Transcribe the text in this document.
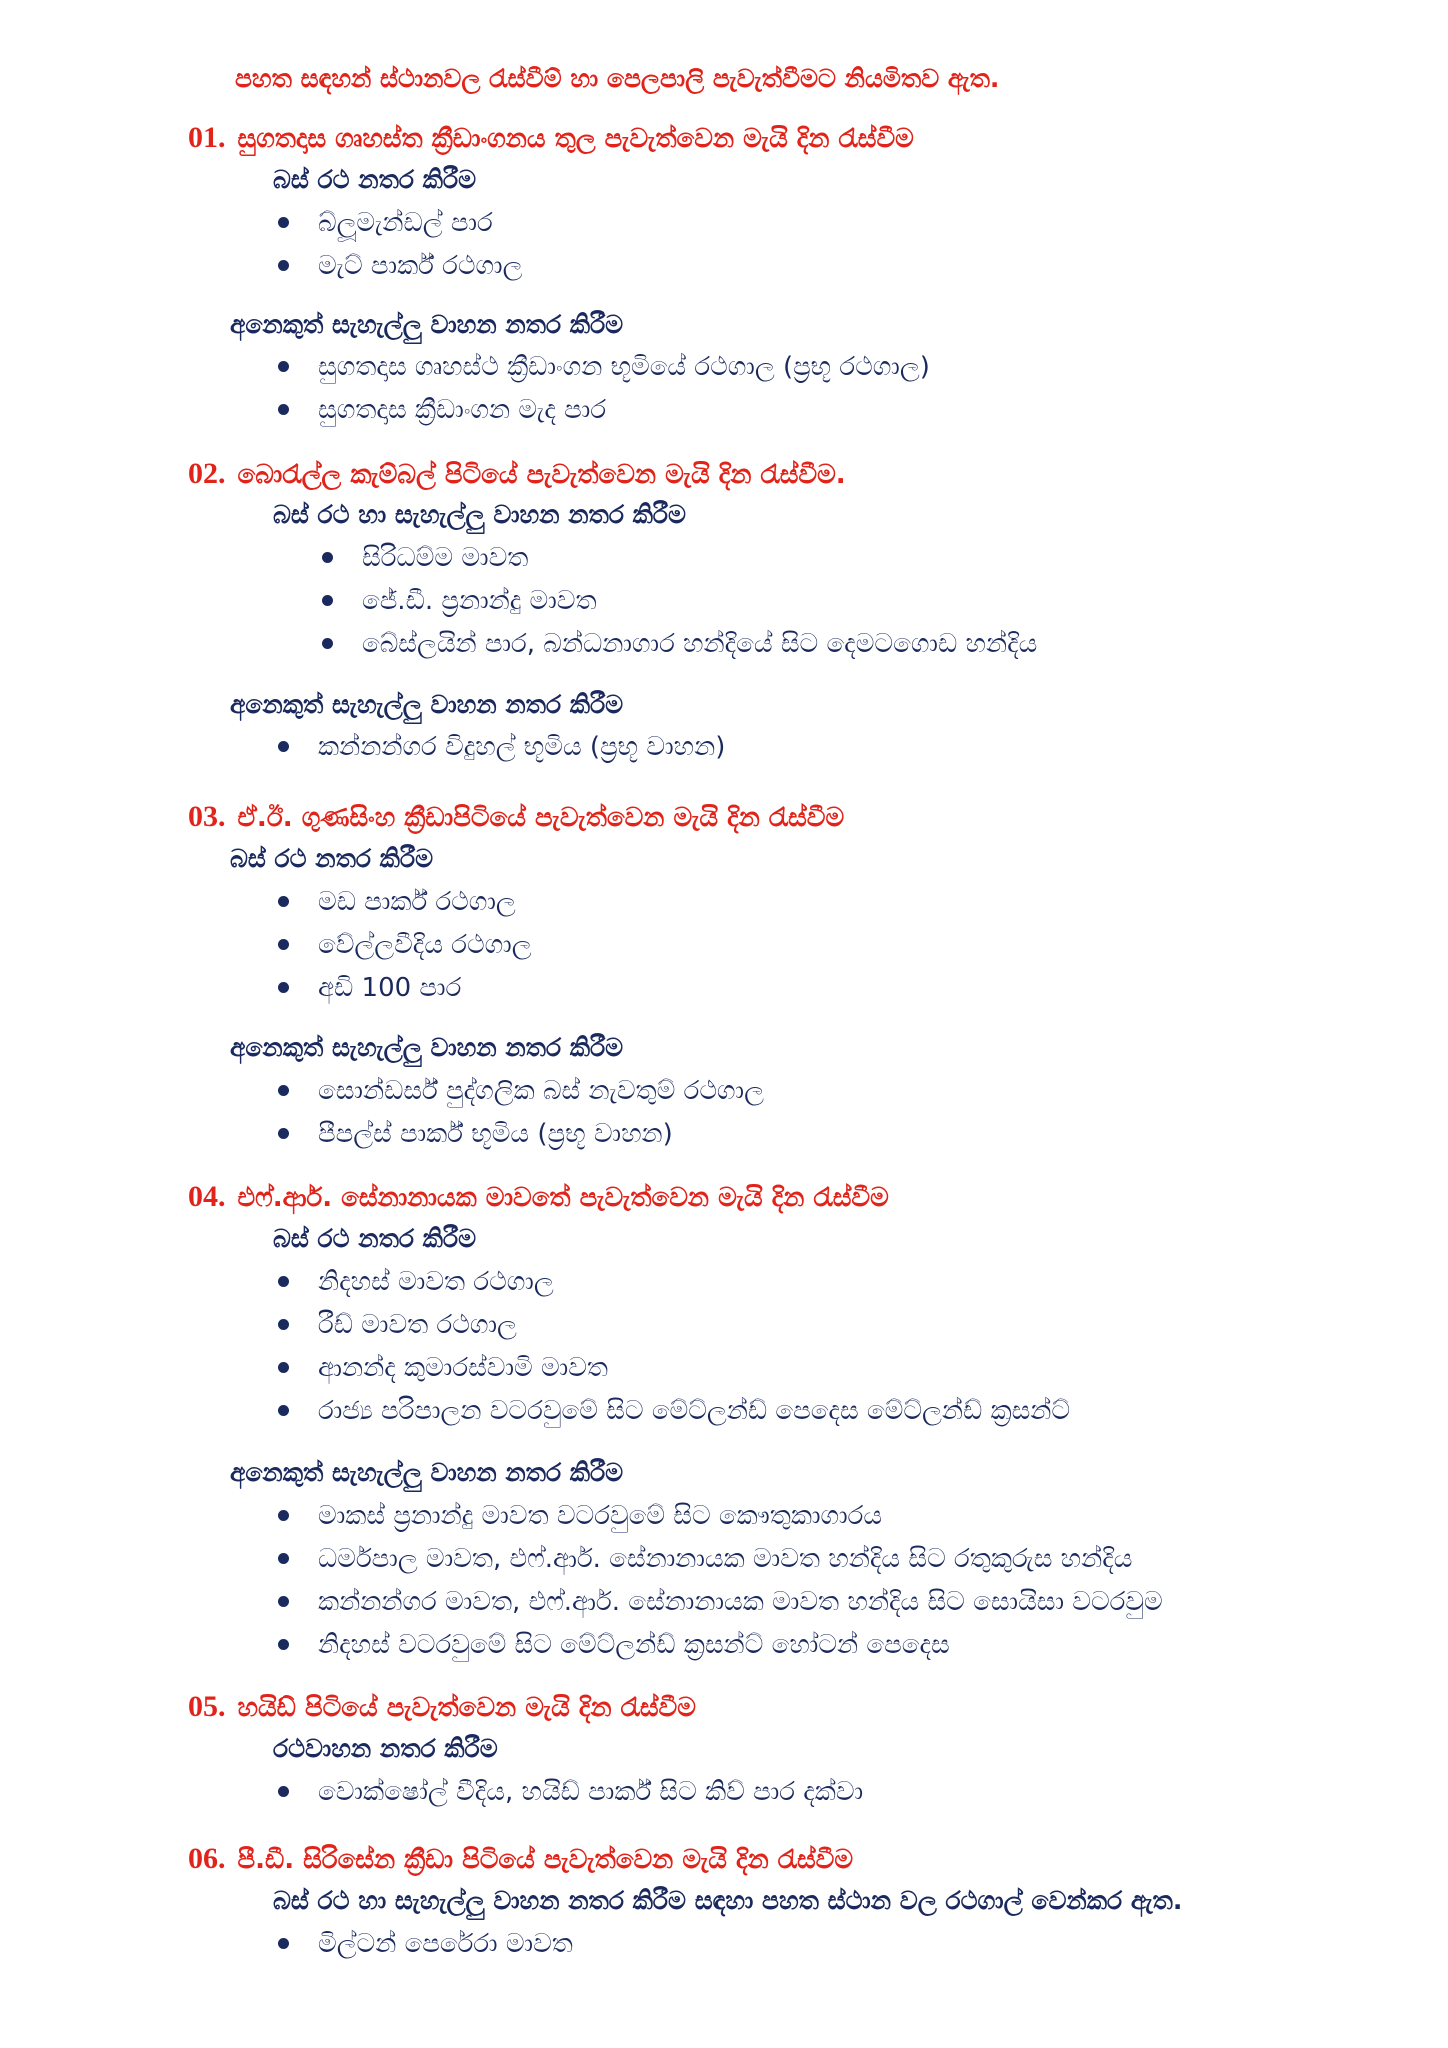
පහත සඳහන් ස්ථානවල රැස්වීම් හා පෙලපාලි පැවැත්වීමට නියමිතව ඇත.
01. සුගතදාස ගෘහස්ත ක්‍රීඩාංගනය තුල පැවැත්වෙන මැයි දින රැස්වීම
බස් රථ නතර කිරීම
බ්ලූමැන්ඩල් පාර
මැට් පාර්ක් රථගාල
අනෙකුත් සැහැල්ලු වාහන නතර කිරීම
සුගතදාස ගෘහස්ථ ක්‍රීඩාංගන භූමියේ රථගාල (ප්‍රභූ රථගාල)
සුගතදාස ක්‍රීඩාංගන මැද පාර
02. බොරැල්ල කැම්බල් පිටියේ පැවැත්වෙන මැයි දින රැස්වීම.
බස් රථ හා සැහැල්ලු වාහන නතර කිරීම
සිරිධම්ම මාවත
ජේ.ඩී. ප්‍රනාන්දු මාවත
බේස්ලයින් පාර, බන්ධනාගාර හන්දියේ සිට දෙමටගොඩ හන්දිය
අනෙකුත් සැහැල්ලු වාහන නතර කිරීම
කන්නන්ගර විදුහල් භූමිය (ප්‍රභූ වාහන)
03. ඒ.ඊ. ගුණසිංහ ක්‍රීඩාපිටියේ පැවැත්වෙන මැයි දින රැස්වීම
බස් රථ නතර කිරීම
මඩ පාර්ක් රථගාල
වේල්ලවීදිය රථගාල
අඩි 100 පාර
අනෙකුත් සැහැල්ලු වාහන නතර කිරීම
සොන්ඩර්ස් පුද්ගලික බස් නැවතුම් රථගාල
පීපල්ස් පාර්ක් භූමිය (ප්‍රභූ වාහන)
04. එෆ්.ආර්. සේනානායක මාවතේ පැවැත්වෙන මැයි දින රැස්වීම
බස් රථ නතර කිරීම
නිදහස් මාවත රථගාල
රීඩ් මාවත රථගාල
ආනන්ද කුමාරස්වාමි මාවත
රාජ්‍ය පරිපාලන වටරවුමේ සිට මේට්ලන්ඩ් පෙදෙස මේට්ලන්ඩ් ක්‍රසන්ට්
අනෙකුත් සැහැල්ලු වාහන නතර කිරීම
මාකස් ප්‍රනාන්දු මාවත වටරවුමේ සිට කෞතුකාගාරය
ධර්මපාල මාවත, එෆ්.ආර්. සේනානායක මාවත හන්දිය සිට රතුකුරුස හන්දිය
කන්නන්ගර මාවත, එෆ්.ආර්. සේනානායක මාවත හන්දිය සිට සොයිසා වටරවුම
නිදහස් වටරවුමේ සිට මේට්ලන්ඩ් ක්‍රසන්ට් හෝටන් පෙදෙස
05. හයිඩ් පිටියේ පැවැත්වෙන මැයි දින රැස්වීම
රථවාහන නතර කිරීම
වොක්ෂෝල් වීදිය, හයිඩ් පාර්ක් සිට කිව් පාර දක්වා
06. පී.ඩී. සිරිසේන ක්‍රීඩා පිටියේ පැවැත්වෙන මැයි දින රැස්වීම
බස් රථ හා සැහැල්ලු වාහන නතර කිරීම සඳහා පහත ස්ථාන වල රථගාල් වෙන්කර ඇත.
මිල්ටන් පෙරේරා මාවත
